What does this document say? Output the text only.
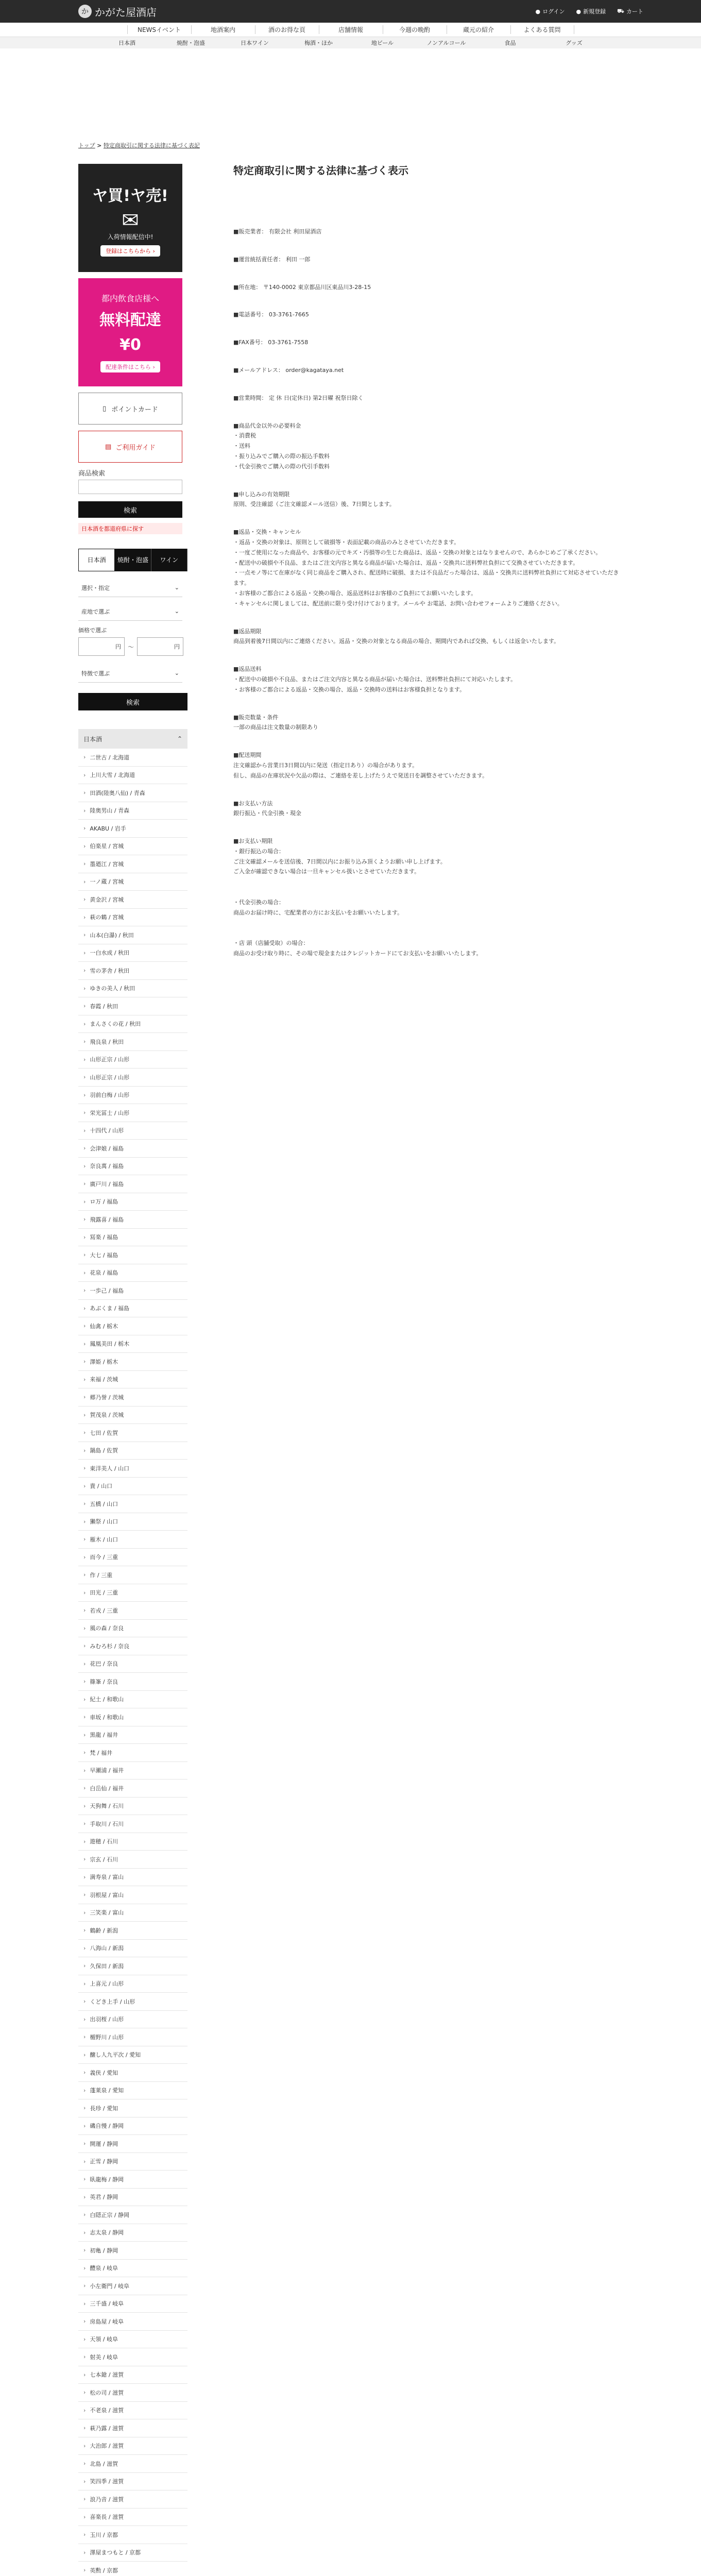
か かがた屋酒店	● ログイン ● 新規登録 ⛟ カート
NEWSイベント	地酒案内	酒のお得な頁	店舗情報	今週の晩酌	蔵元の紹介	よくある質問
日本酒	焼酎・泡盛	日本ワイン	梅酒・ほか	地ビール	ノンアルコール	食品	グッズ
トップ > 特定商取引に関する法律に基づく表記
ヤ買!ヤ売!
✉
入荷情報配信中!
登録はこちらから ›
都内飲食店様へ
無料配達
¥0
配達条件はこちら ›
▯ ポイントカード
▤ ご利用ガイド
商品検索
検索
日本酒を都道府県に探す
日本酒	焼酎・泡盛	ワイン
選択・指定	⌄
産地で選ぶ	⌄
価格で選ぶ
円	〜	円
特徴で選ぶ	⌄
検索
日本酒	⌃
› 二世古 / 北海道
› 上川大雪 / 北海道
› 田酒(陸奥八仙) / 青森
› 陸奥男山 / 青森
› AKABU / 岩手
› 伯楽星 / 宮城
› 墨廼江 / 宮城
› 一ノ蔵 / 宮城
› 黄金沢 / 宮城
› 萩の鶴 / 宮城
› 山本(白瀑) / 秋田
› 一白水成 / 秋田
› 雪の茅舎 / 秋田
› ゆきの美人 / 秋田
› 春霞 / 秋田
› まんさくの花 / 秋田
› 飛良泉 / 秋田
› 山形正宗 / 山形
› 山形正宗 / 山形
› 羽前白梅 / 山形
› 栄光冨士 / 山形
› 十四代 / 山形
› 会津娘 / 福島
› 奈良萬 / 福島
› 廣戸川 / 福島
› ロ万 / 福島
› 飛露喜 / 福島
› 冩楽 / 福島
› 大七 / 福島
› 花泉 / 福島
› 一歩己 / 福島
› あぶくま / 福島
› 仙禽 / 栃木
› 鳳凰美田 / 栃木
› 澤姫 / 栃木
› 来福 / 茨城
› 郷乃誉 / 茨城
› 賀茂泉 / 茨城
› 七田 / 佐賀
› 鍋島 / 佐賀
› 東洋美人 / 山口
› 貴 / 山口
› 五橋 / 山口
› 獺祭 / 山口
› 雁木 / 山口
› 而今 / 三重
› 作 / 三重
› 田光 / 三重
› 若戎 / 三重
› 風の森 / 奈良
› みむろ杉 / 奈良
› 花巴 / 奈良
› 篠峯 / 奈良
› 紀土 / 和歌山
› 車坂 / 和歌山
› 黒龍 / 福井
› 梵 / 福井
› 早瀬浦 / 福井
› 白岳仙 / 福井
› 天狗舞 / 石川
› 手取川 / 石川
› 遊穂 / 石川
› 宗玄 / 石川
› 満寿泉 / 富山
› 羽根屋 / 富山
› 三笑楽 / 富山
› 鶴齢 / 新潟
› 八海山 / 新潟
› 久保田 / 新潟
› 上喜元 / 山形
› くどき上手 / 山形
› 出羽桜 / 山形
› 楯野川 / 山形
› 醸し人九平次 / 愛知
› 義侠 / 愛知
› 蓬莱泉 / 愛知
› 長珍 / 愛知
› 磯自慢 / 静岡
› 開運 / 静岡
› 正雪 / 静岡
› 臥龍梅 / 静岡
› 英君 / 静岡
› 白隠正宗 / 静岡
› 志太泉 / 静岡
› 初亀 / 静岡
› 醴泉 / 岐阜
› 小左衛門 / 岐阜
› 三千盛 / 岐阜
› 房島屋 / 岐阜
› 天領 / 岐阜
› 射美 / 岐阜
› 七本鎗 / 滋賀
› 松の司 / 滋賀
› 不老泉 / 滋賀
› 萩乃露 / 滋賀
› 大治郎 / 滋賀
› 北島 / 滋賀
› 笑四季 / 滋賀
› 浪乃音 / 滋賀
› 喜楽長 / 滋賀
› 玉川 / 京都
› 澤屋まつもと / 京都
› 英勲 / 京都
特定商取引に関する法律に基づく表示

■販売業者： 有限会社 利田屋酒店

■運営統括責任者： 利田 一郎

■所在地： 〒140-0002 東京都品川区東品川3-28-15

■電話番号： 03-3761-7665

■FAX番号： 03-3761-7558

■メールアドレス： order@kagataya.net

■営業時間： 定 休 日(定休日) 第2日曜 祝祭日除く

■商品代金以外の必要料金
・消費税
・送料
・振り込みでご購入の際の振込手数料
・代金引換でご購入の際の代引手数料

■申し込みの有効期限
原則、受注確認（ご注文確認メール送信）後、7日間とします。

■返品・交換・キャンセル
・返品・交換の対象は、原則として破損等・表面記載の商品のみとさせていただきます。
・一度ご使用になった商品や、お客様の元でキズ・汚損等の生じた商品は、返品・交換の対象とはなりませんので、あらかじめご了承ください。
・配送中の破損や不良品、またはご注文内容と異なる商品が届いた場合は、返品・交換共に送料弊社負担にて交換させていただきます。
・一点モノ等にて在庫がなく同じ商品をご購入され、配送時に破損、または不良品だった場合は、返品・交換共に送料弊社負担にて対応させていただきます。
・お客様のご都合による返品・交換の場合、返品送料はお客様のご負担にてお願いいたします。
・キャンセルに関しましては、配送前に限り受け付けております。メールや お電話、お問い合わせフォームよりご連絡ください。

■返品期限
商品到着後7日間以内にご連絡ください。返品・交換の対象となる商品の場合、期間内であれば交換、もしくは返金いたします。

■返品送料
・配送中の破損や不良品、またはご注文内容と異なる商品が届いた場合は、送料弊社負担にて対応いたします。
・お客様のご都合による返品・交換の場合、返品・交換時の送料はお客様負担となります。

■販売数量・条件
一部の商品は注文数量の制限あり

■配送期間
注文確認から営業日3日間以内に発送（指定日あり）の場合があります。
但し、商品の在庫状況や欠品の際は、ご連絡を差し上げたうえで発送日を調整させていただきます。

■お支払い方法
銀行振込・代金引換・現金

■お支払い期限
・銀行振込の場合：
ご注文確認メールを送信後、7日間以内にお振り込み頂くようお願い申し上げます。
ご入金が確認できない場合は一旦キャンセル扱いとさせていただきます。

・代金引換の場合：
商品のお届け時に、宅配業者の方にお支払いをお願いいたします。

・店 頭（店舗受取）の場合：
商品のお受け取り時に、その場で現金またはクレジットカードにてお支払いをお願いいたします。
